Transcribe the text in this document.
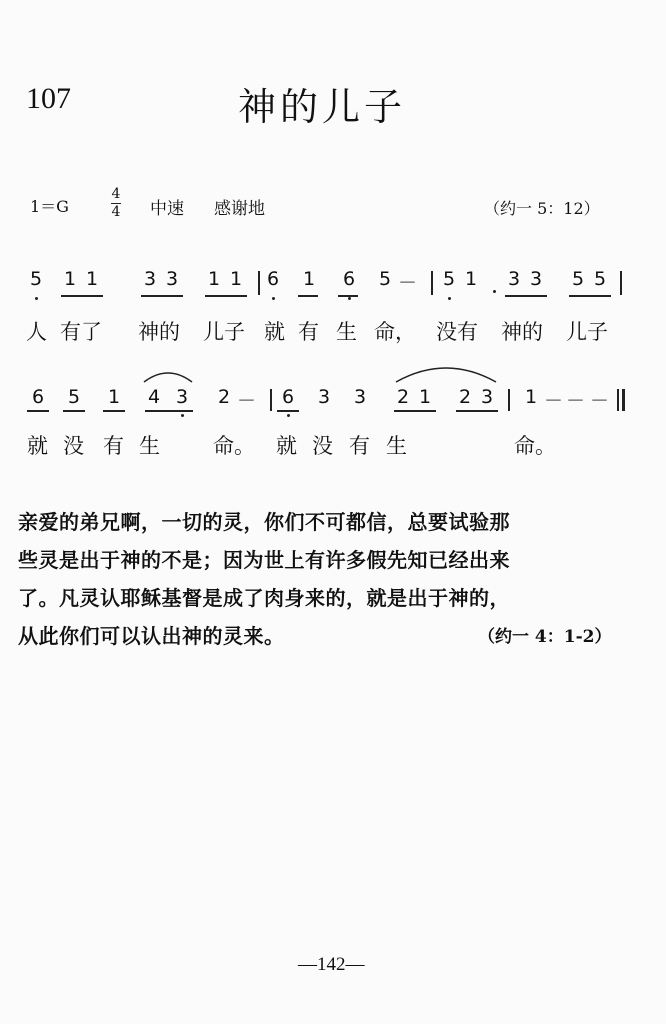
107	神的儿子
1＝G
4
4 中速 感谢地	（约一 5：12）
5 1 1 3 3 1 1 6 1 6 5 － 5 1 3 3 5 5
人 有了 神的 儿子 就 有 生 命， 没有 神的 儿子
6 5 1 4 3 2 － 6 3 3 2 1 2 3 1 － － －
就 没 有 生	命。 就 没 有 生	命。
亲爱的弟兄啊，一切的灵，你们不可都信，总要试验那
些灵是出于神的不是；因为世上有许多假先知已经出来
了。凡灵认耶稣基督是成了肉身来的，就是出于神的，
从此你们可以认出神的灵来。	（约一 4：1-2）
—142—
